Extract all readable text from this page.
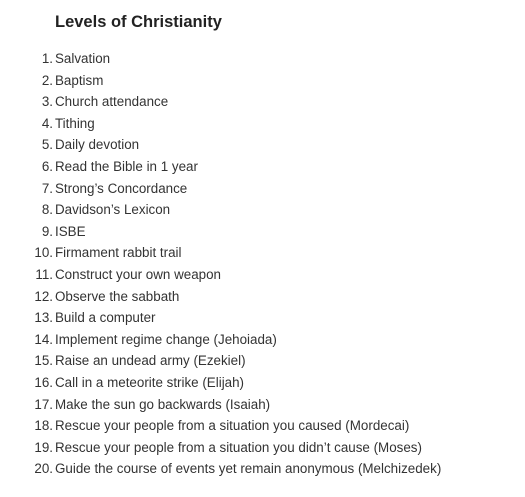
Levels of Christianity
1. Salvation
2. Baptism
3. Church attendance
4. Tithing
5. Daily devotion
6. Read the Bible in 1 year
7. Strong’s Concordance
8. Davidson’s Lexicon
9. ISBE
10. Firmament rabbit trail
11. Construct your own weapon
12. Observe the sabbath
13. Build a computer
14. Implement regime change (Jehoiada)
15. Raise an undead army (Ezekiel)
16. Call in a meteorite strike (Elijah)
17. Make the sun go backwards (Isaiah)
18. Rescue your people from a situation you caused (Mordecai)
19. Rescue your people from a situation you didn’t cause (Moses)
20. Guide the course of events yet remain anonymous (Melchizedek)
